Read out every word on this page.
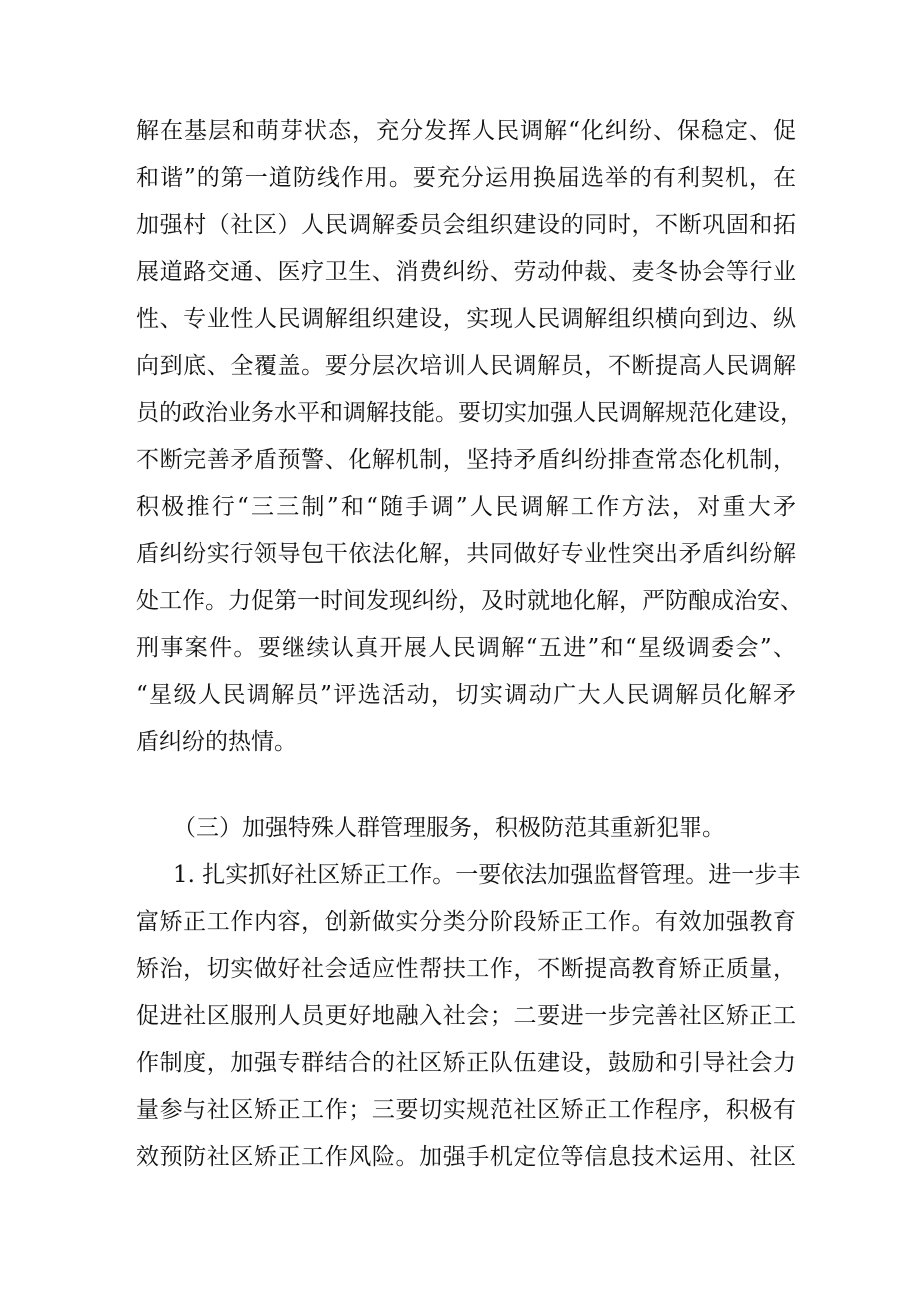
解在基层和萌芽状态，充分发挥人民调解“化纠纷、保稳定、促
和谐”的第一道防线作用。要充分运用换届选举的有利契机，在
加强村（社区）人民调解委员会组织建设的同时，不断巩固和拓
展道路交通、医疗卫生、消费纠纷、劳动仲裁、麦冬协会等行业
性、专业性人民调解组织建设，实现人民调解组织横向到边、纵
向到底、全覆盖。要分层次培训人民调解员，不断提高人民调解
员的政治业务水平和调解技能。要切实加强人民调解规范化建设，
不断完善矛盾预警、化解机制，坚持矛盾纠纷排查常态化机制，
积极推行“三三制”和“随手调”人民调解工作方法，对重大矛
盾纠纷实行领导包干依法化解，共同做好专业性突出矛盾纠纷解
处工作。力促第一时间发现纠纷，及时就地化解，严防酿成治安、
刑事案件。要继续认真开展人民调解“五进”和“星级调委会”、
“星级人民调解员”评选活动，切实调动广大人民调解员化解矛
盾纠纷的热情。
（三）加强特殊人群管理服务，积极防范其重新犯罪。
1. 扎实抓好社区矫正工作。一要依法加强监督管理。进一步丰
富矫正工作内容，创新做实分类分阶段矫正工作。有效加强教育
矫治，切实做好社会适应性帮扶工作，不断提高教育矫正质量，
促进社区服刑人员更好地融入社会；二要进一步完善社区矫正工
作制度，加强专群结合的社区矫正队伍建设，鼓励和引导社会力
量参与社区矫正工作；三要切实规范社区矫正工作程序，积极有
效预防社区矫正工作风险。加强手机定位等信息技术运用、社区
